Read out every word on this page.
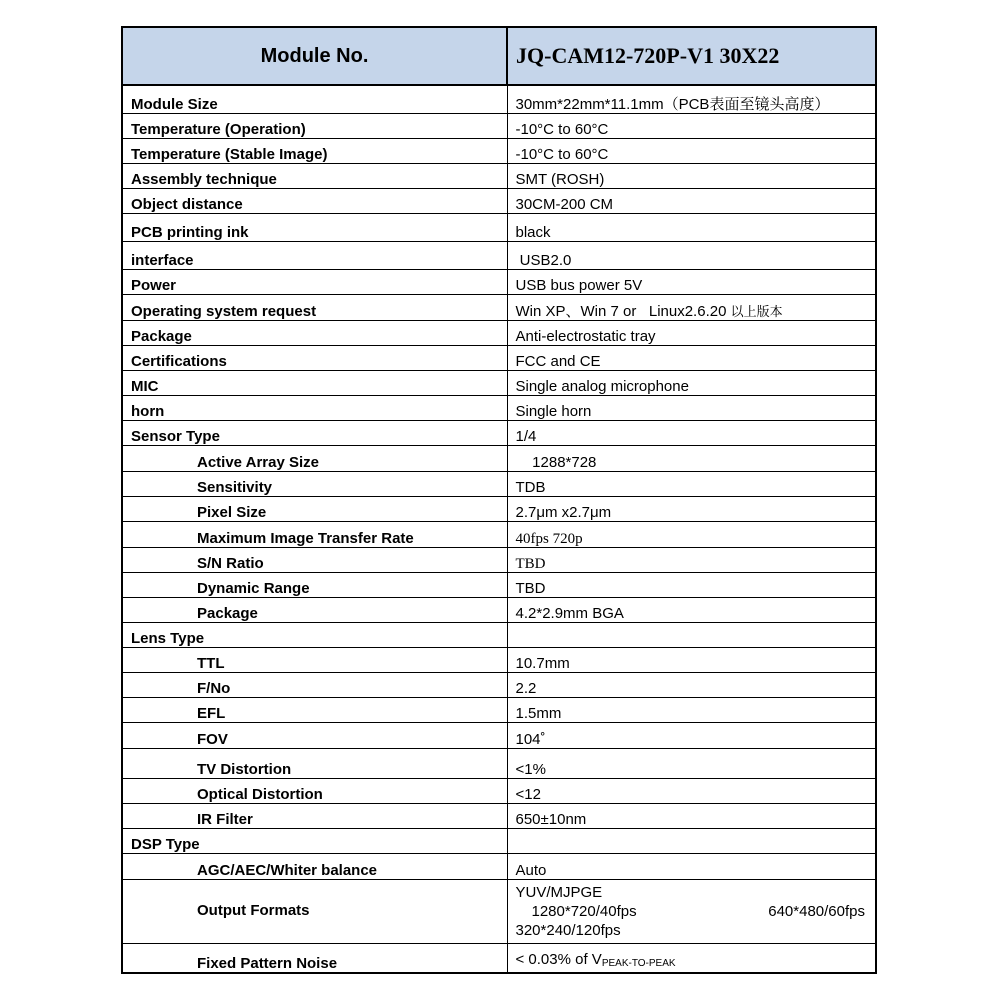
Module No.	JQ-CAM12-720P-V1 30X22
Module Size	30mm*22mm*11.1mm（PCB表面至镜头高度）
Temperature (Operation)	-10°C to 60°C
Temperature (Stable Image)	-10°C to 60°C
Assembly technique	SMT (ROSH)
Object distance	30CM-200 CM
PCB printing ink	black
interface	USB2.0
Power	USB bus power 5V
Operating system request	Win XP、Win 7 or   Linux2.6.20 以上版本
Package	Anti-electrostatic tray
Certifications	FCC and CE
MIC	Single analog microphone
horn	Single horn
Sensor Type	1/4
Active Array Size	1288*728
Sensitivity	TDB
Pixel Size	2.7μm x2.7μm
Maximum Image Transfer Rate	40fps 720p
S/N Ratio	TBD
Dynamic Range	TBD
Package	4.2*2.9mm BGA
Lens Type	
TTL	10.7mm
F/No	2.2
EFL	1.5mm
FOV	104˚
TV Distortion	<1%
Optical Distortion	<12
IR Filter	650±10nm
DSP Type	
AGC/AEC/Whiter balance	Auto
Output Formats	YUV/MJPGE
1280*720/40fps 640*480/60fps
320*240/120fps

Fixed Pattern Noise	< 0.03% of VPEAK-TO-PEAK
